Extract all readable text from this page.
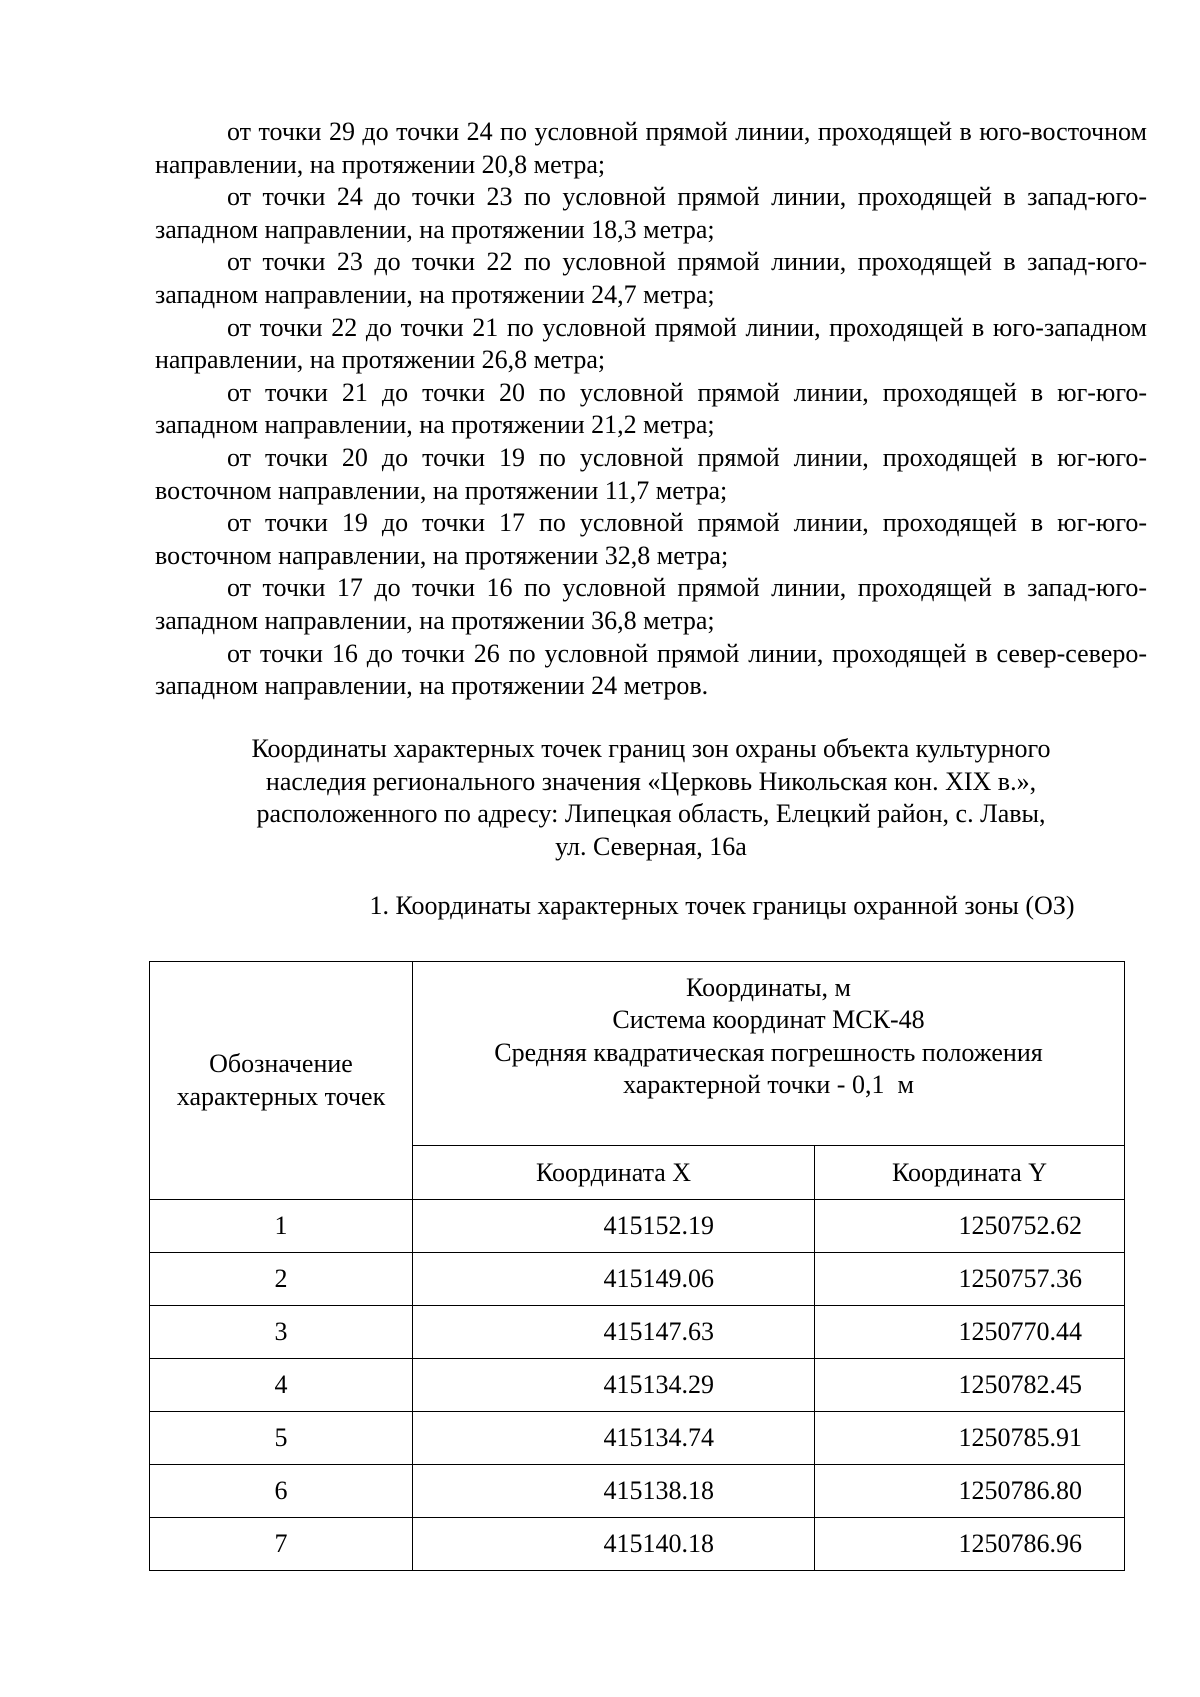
от точки 29 до точки 24 по условной прямой линии, проходящей в юго-восточном направлении, на протяжении 20,8 метра;

от точки 24 до точки 23 по условной прямой линии, проходящей в запад-юго-западном направлении, на протяжении 18,3 метра;

от точки 23 до точки 22 по условной прямой линии, проходящей в запад-юго-западном направлении, на протяжении 24,7 метра;

от точки 22 до точки 21 по условной прямой линии, проходящей в юго-западном направлении, на протяжении 26,8 метра;

от точки 21 до точки 20 по условной прямой линии, проходящей в юг-юго-западном направлении, на протяжении 21,2 метра;

от точки 20 до точки 19 по условной прямой линии, проходящей в юг-юго-восточном направлении, на протяжении 11,7 метра;

от точки 19 до точки 17 по условной прямой линии, проходящей в юг-юго-восточном направлении, на протяжении 32,8 метра;

от точки 17 до точки 16 по условной прямой линии, проходящей в запад-юго-западном направлении, на протяжении 36,8 метра;

от точки 16 до точки 26 по условной прямой линии, проходящей в север-северо-западном направлении, на протяжении 24 метров.

Координаты характерных точек границ зон охраны объекта культурного
наследия регионального значения «Церковь Никольская кон. XIX в.»,
расположенного по адресу: Липецкая область, Елецкий район, с. Лавы,
ул. Северная, 16а
1. Координаты характерных точек границы охранной зоны (ОЗ)
Обозначение
характерных точек	Координаты, м
Система координат МСК-48
Средняя квадратическая погрешность положения
характерной точки - 0,1  м	

	Координата X	Координата Y
1	415152.19	1250752.62
2	415149.06	1250757.36
3	415147.63	1250770.44
4	415134.29	1250782.45
5	415134.74	1250785.91
6	415138.18	1250786.80
7	415140.18	1250786.96
